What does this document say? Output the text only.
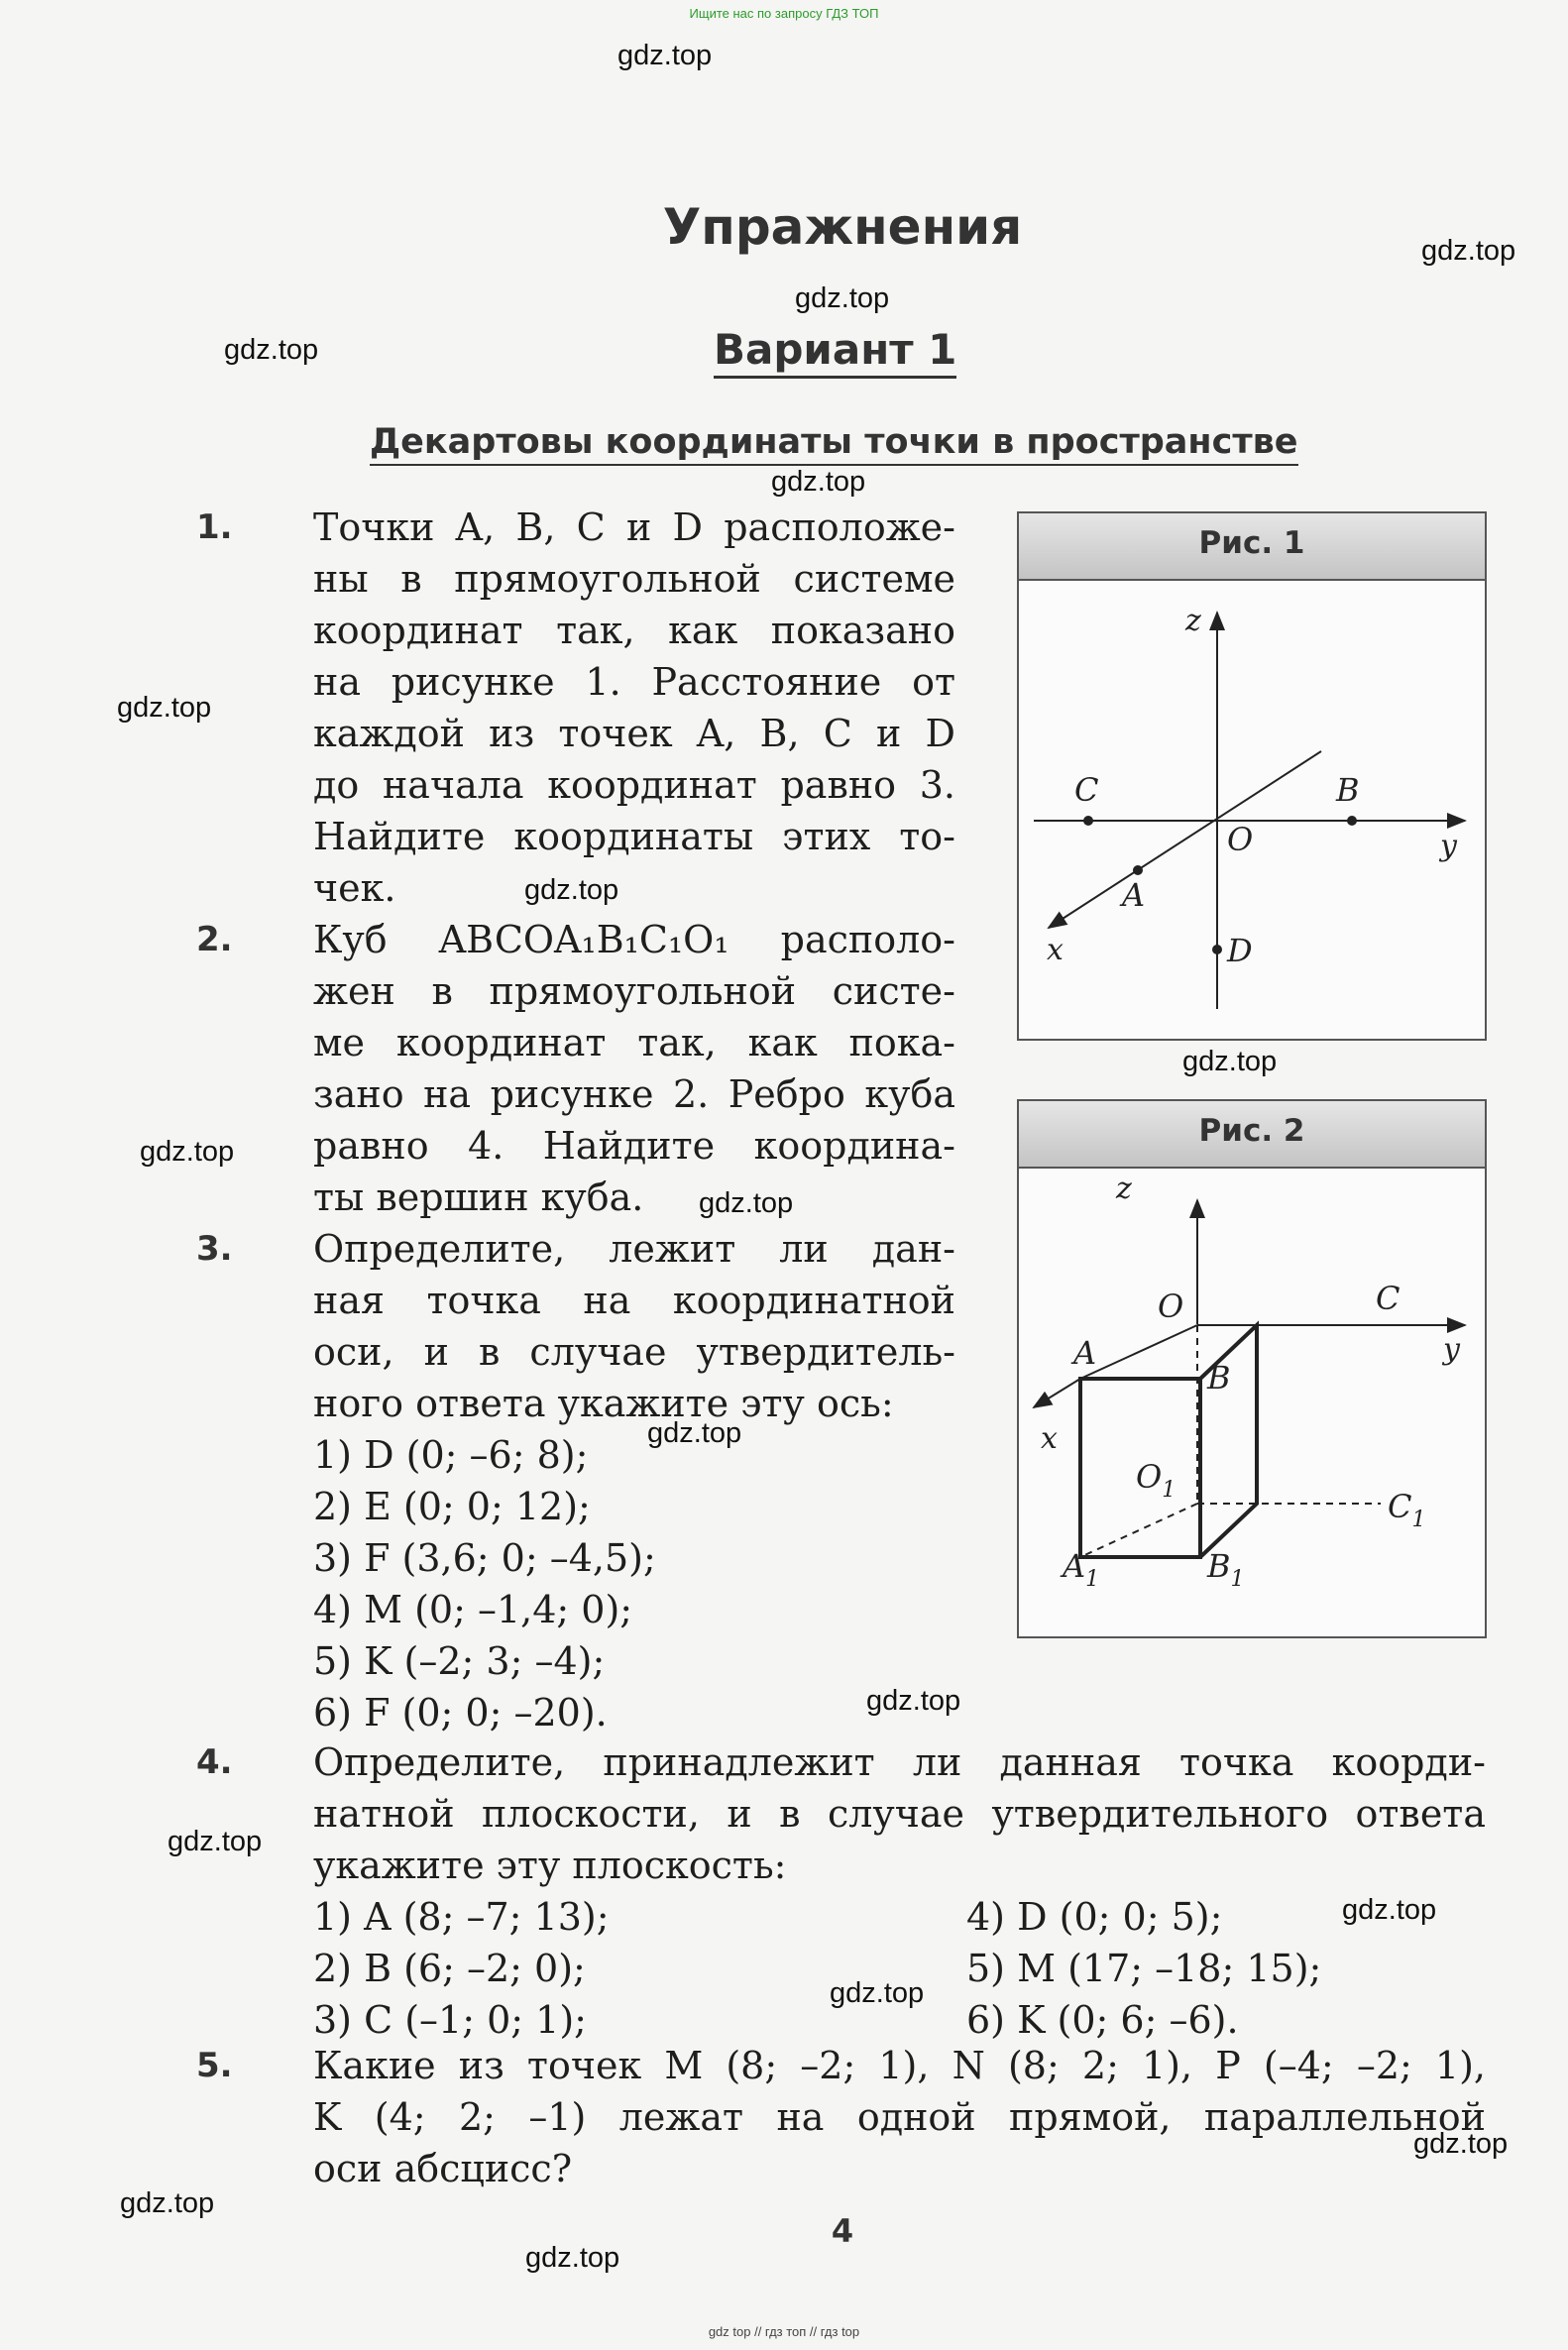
Ищите нас по запросу ГДЗ ТОП
gdz top // гдз топ // гдз top
gdz.top
gdz.top
gdz.top
gdz.top
gdz.top
gdz.top
gdz.top
gdz.top
gdz.top
gdz.top
gdz.top
gdz.top
gdz.top
gdz.top
gdz.top
gdz.top
gdz.top
gdz.top
Упражнения
Вариант 1
Декартовы координаты точки в пространстве
1. Точки A, B, C и D расположе-
ны в прямоугольной системе
координат так, как показано
на рисунке 1. Расстояние от
каждой из точек A, B, C и D
до начала координат равно 3.
Найдите координаты этих то-
чек.
2. Куб ABCOA₁B₁C₁O₁ располо-
жен в прямоугольной систе-
ме координат так, как пока-
зано на рисунке 2. Ребро куба
равно 4. Найдите координа-
ты вершин куба.
3. Определите, лежит ли дан-
ная точка на координатной
оси, и в случае утвердитель-
ного ответа укажите эту ось:
1) D (0; –6; 8);
2) E (0; 0; 12);
3) F (3,6; 0; –4,5);
4) M (0; –1,4; 0);
5) K (–2; 3; –4);
6) F (0; 0; –20).
4. Определите, принадлежит ли данная точка коорди-
натной плоскости, и в случае утвердительного ответа
укажите эту плоскость:
1) A (8; –7; 13);
2) B (6; –2; 0);
3) C (–1; 0; 1);
4) D (0; 0; 5);
5) M (17; –18; 15);
6) K (0; 6; –6).
5. Какие из точек M (8; –2; 1), N (8; 2; 1), P (–4; –2; 1),
K (4; 2; –1) лежат на одной прямой, параллельной
оси абсцисс?
Рис. 1
z
y
x
O
C	B
A
D
Рис. 2
z
y
x
O
A
B
C
$O_1$	$C_1$
$A_1$	$B_1$
4
